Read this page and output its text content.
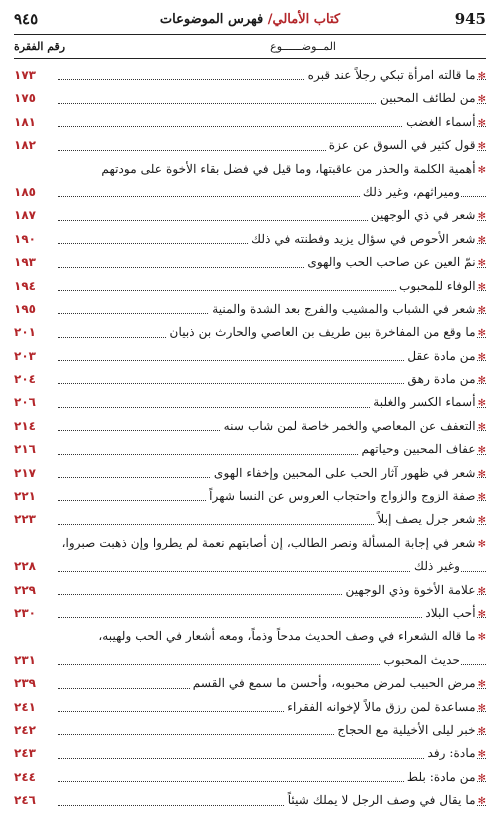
945
كتاب الأمالي/ فهرس الموضوعات
٩٤٥
المــوضــــــوع
رقم الفقرة
✻ما قالته امرأة تبكي رجلاً عند قبره
١٧٣
✻من لطائف المحبين
١٧٥
✻أسماء الغضب
١٨١
✻قول كثير في السوق عن عزة
١٨٢
✻أهمية الكلمة والحذر من عاقبتها، وما قيل في فضل بقاء الأخوة على مودتهم
وميراثهم، وغير ذلك
١٨٥
✻شعر في ذي الوجهين
١٨٧
✻شعر الأحوص في سؤال يزيد وفطنته في ذلك
١٩٠
✻نمّ العين عن صاحب الحب والهوى
١٩٣
✻الوفاء للمحبوب
١٩٤
✻شعر في الشباب والمشيب والفرج بعد الشدة والمنية
١٩٥
✻ما وقع من المفاخرة بين طريف بن العاصي والحارث بن ذبيان
٢٠١
✻من مادة عقل
٢٠٣
✻من مادة رهق
٢٠٤
✻أسماء الكسر والغلبة
٢٠٦
✻التعفف عن المعاصي والخمر خاصة لمن شاب سنه
٢١٤
✻عفاف المحبين وحياتهم
٢١٦
✻شعر في ظهور آثار الحب على المحبين وإخفاء الهوى
٢١٧
✻صفة الزوج والزواج واحتجاب العروس عن النسا شهراً
٢٢١
✻شعر جرل يصف إبلاً
٢٢٣
✻شعر في إجابة المسألة ونصر الطالب، إن أصابتهم نعمة لم يطروا وإن ذهبت صبروا،
وغير ذلك
٢٢٨
✻علامة الأخوة وذي الوجهين
٢٢٩
✻أحب البلاد
٢٣٠
✻ما قاله الشعراء في وصف الحديث مدحاً وذماً، ومعه أشعار في الحب ولهيبه،
حديث المحبوب
٢٣١
✻مرض الحبيب لمرض محبوبه، وأحسن ما سمع في القسم
٢٣٩
✻مساعدة لمن رزق مالاً لإخوانه الفقراء
٢٤١
✻خبر ليلى الأخيلية مع الحجاج
٢٤٢
✻مادة: رفد
٢٤٣
✻من مادة: بلط
٢٤٤
✻ما يقال في وصف الرجل لا يملك شيئاً
٢٤٦
